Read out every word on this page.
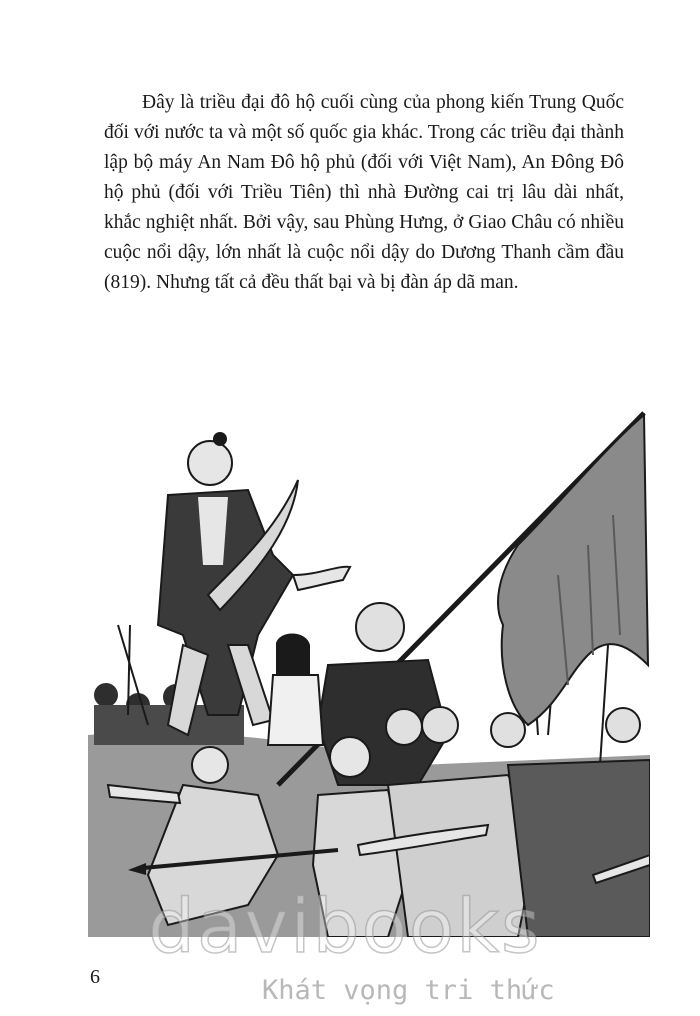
Đây là triều đại đô hộ cuối cùng của phong kiến Trung Quốc đối với nước ta và một số quốc gia khác. Trong các triều đại thành lập bộ máy An Nam Đô hộ phủ (đối với Việt Nam), An Đông Đô hộ phủ (đối với Triều Tiên) thì nhà Đường cai trị lâu dài nhất, khắc nghiệt nhất. Bởi vậy, sau Phùng Hưng, ở Giao Châu có nhiều cuộc nổi dậy, lớn nhất là cuộc nổi dậy do Dương Thanh cầm đầu (819). Nhưng tất cả đều thất bại và bị đàn áp dã man.

6
davibooks
Khát vọng tri thức
